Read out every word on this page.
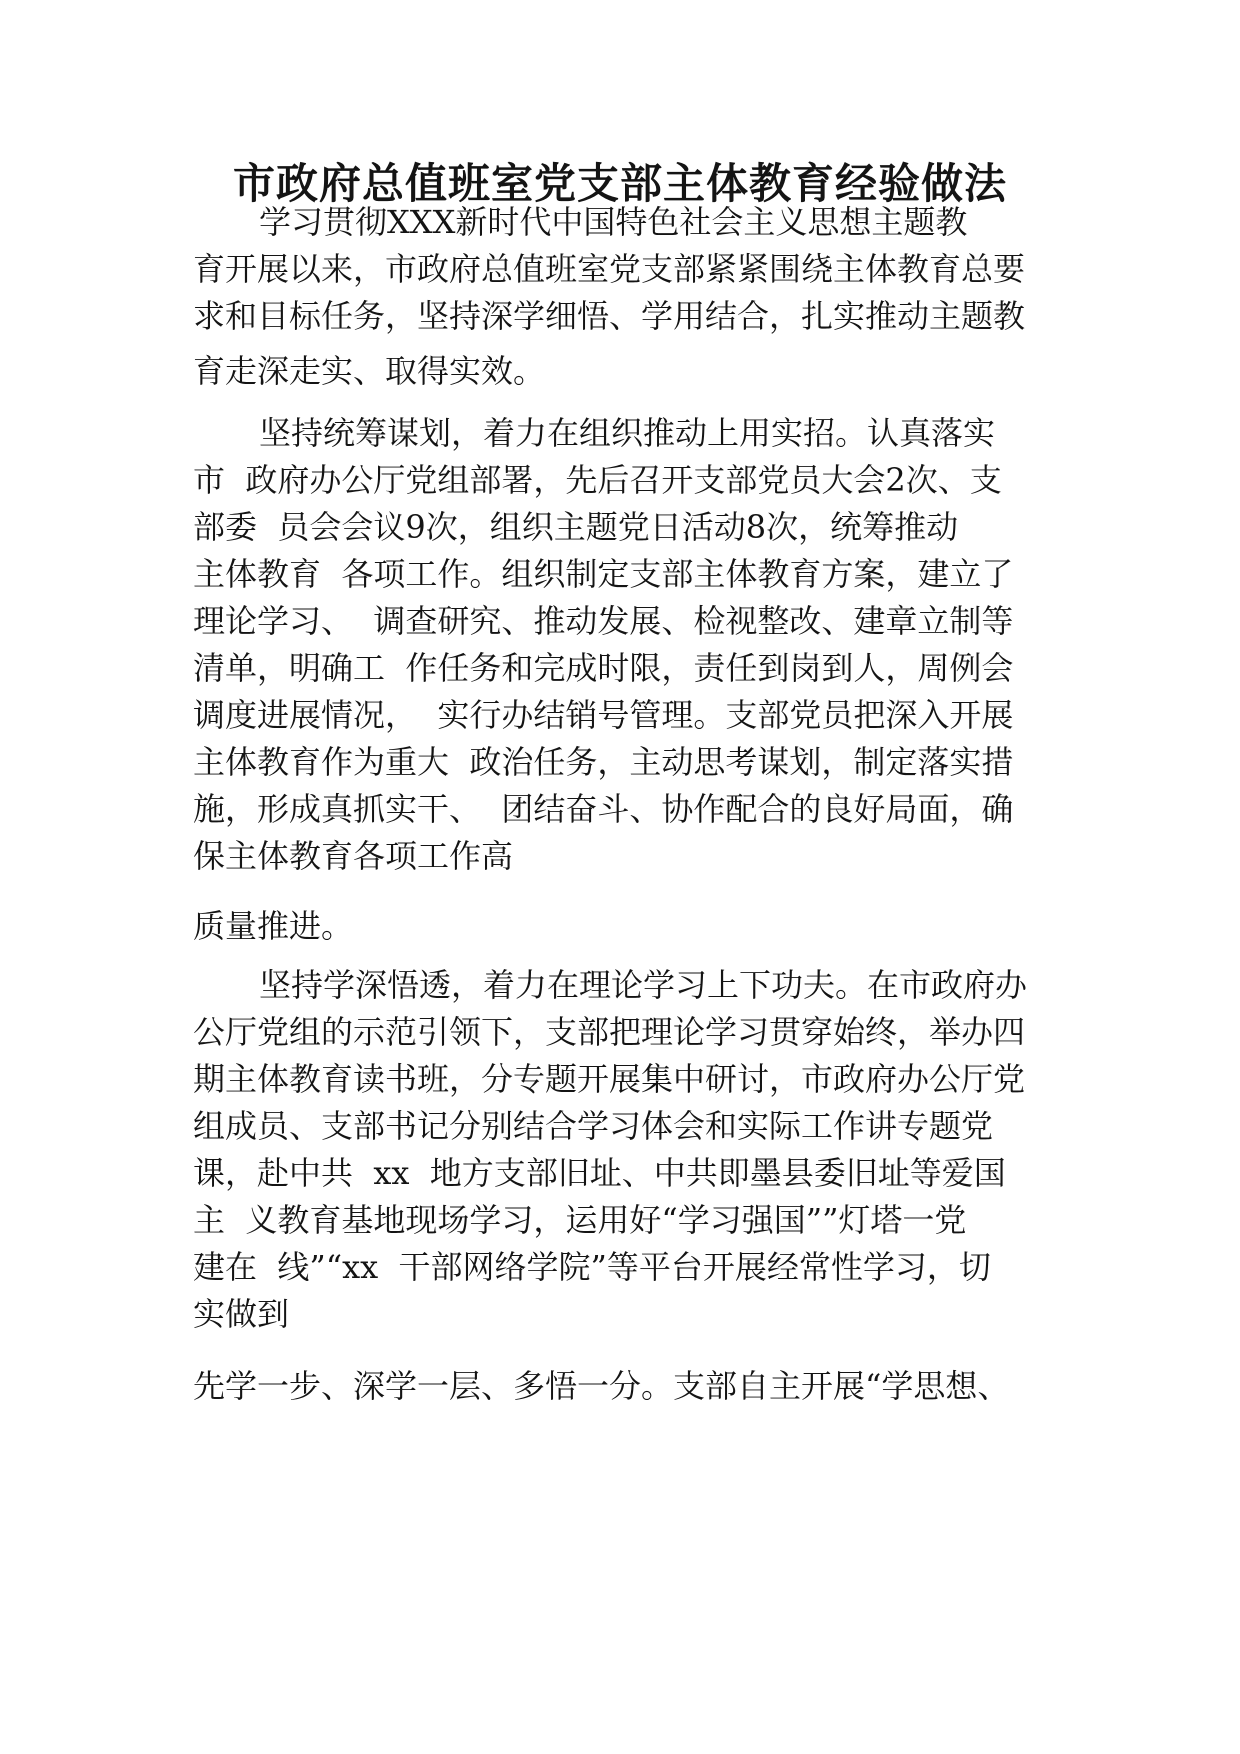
市政府总值班室党支部主体教育经验做法

学习贯彻XXX新时代中国特色社会主义思想主题教

育开展以来，市政府总值班室党支部紧紧围绕主体教育总要

求和目标任务，坚持深学细悟、学用结合，扎实推动主题教

育走深走实、取得实效。

坚持统筹谋划，着力在组织推动上用实招。认真落实

市  政府办公厅党组部署，先后召开支部党员大会2次、支

部委  员会会议9次，组织主题党日活动8次，统筹推动

主体教育  各项工作。组织制定支部主体教育方案，建立了

理论学习、  调查研究、推动发展、检视整改、建章立制等

清单，明确工  作任务和完成时限，责任到岗到人，周例会

调度进展情况，  实行办结销号管理。支部党员把深入开展

主体教育作为重大  政治任务，主动思考谋划，制定落实措

施，形成真抓实干、  团结奋斗、协作配合的良好局面，确

保主体教育各项工作高

质量推进。

坚持学深悟透，着力在理论学习上下功夫。在市政府办

公厅党组的示范引领下，支部把理论学习贯穿始终，举办四

期主体教育读书班，分专题开展集中研讨，市政府办公厅党

组成员、支部书记分别结合学习体会和实际工作讲专题党

课，赴中共  xx  地方支部旧址、中共即墨县委旧址等爱国

主  义教育基地现场学习，运用好“学习强国””灯塔一党

建在  线”“xx  干部网络学院”等平台开展经常性学习，切

实做到

先学一步、深学一层、多悟一分。支部自主开展“学思想、
